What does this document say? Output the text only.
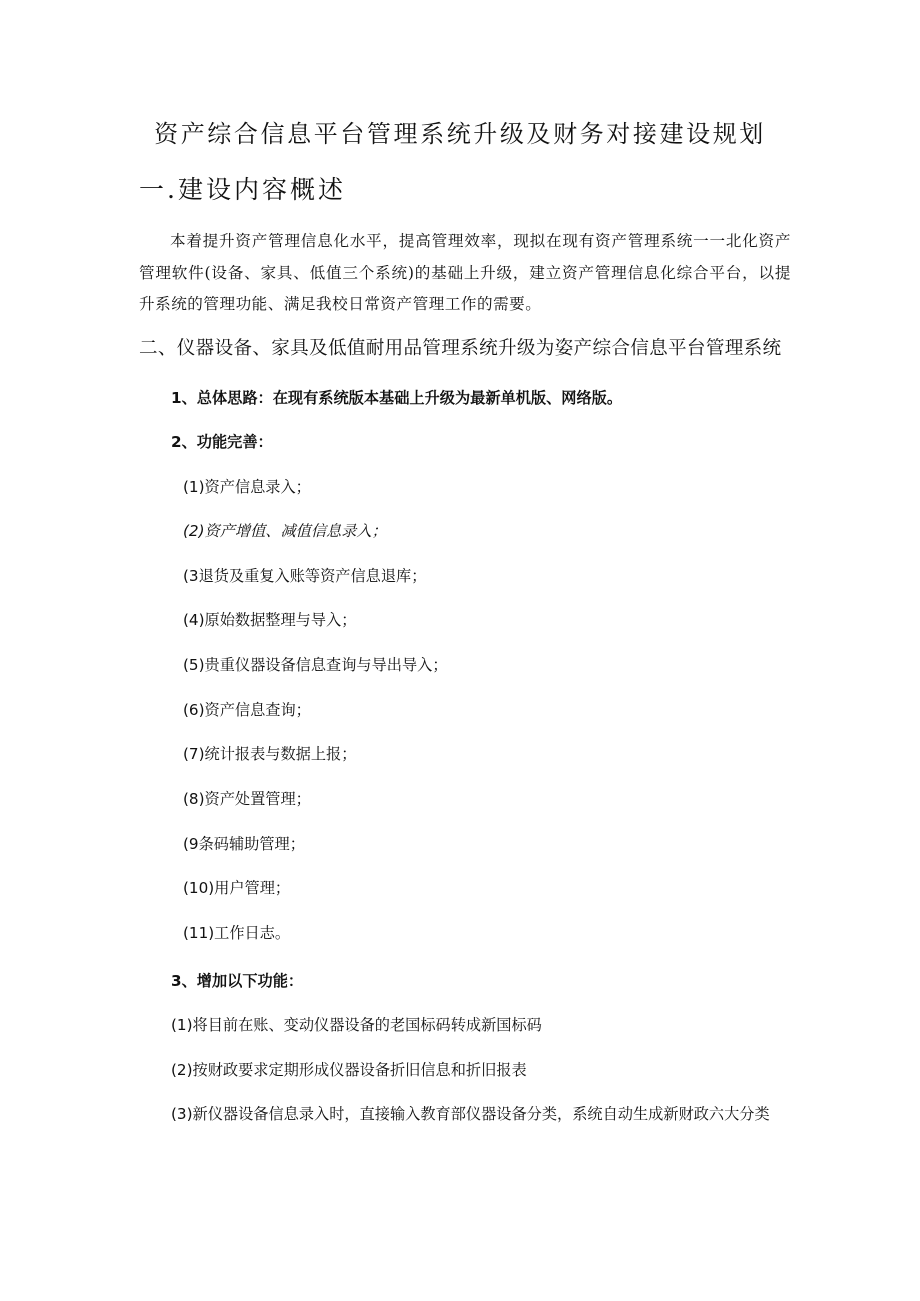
资产综合信息平台管理系统升级及财务对接建设规划
一.建设内容概述
本着提升资产管理信息化水平，提高管理效率，现拟在现有资产管理系统一一北化资产管理软件(设备、家具、低值三个系统)的基础上升级，建立资产管理信息化综合平台，以提升系统的管理功能、满足我校日常资产管理工作的需要。
二、仪器设备、家具及低值耐用品管理系统升级为姿产综合信息平台管理系统
1、总体思路：在现有系统版本基础上升级为最新单机版、网络版。
2、功能完善：
(1)资产信息录入；
(2)资产增值、减值信息录入；
(3退货及重复入账等资产信息退库；
(4)原始数据整理与导入；
(5)贵重仪器设备信息查询与导出导入；
(6)资产信息查询；
(7)统计报表与数据上报；
(8)资产处置管理；
(9条码辅助管理；
(10)用户管理；
(11)工作日志。
3、增加以下功能：
(1)将目前在账、变动仪器设备的老国标码转成新国标码
(2)按财政要求定期形成仪器设备折旧信息和折旧报表
(3)新仪器设备信息录入时，直接输入教育部仪器设备分类，系统自动生成新财政六大分类
